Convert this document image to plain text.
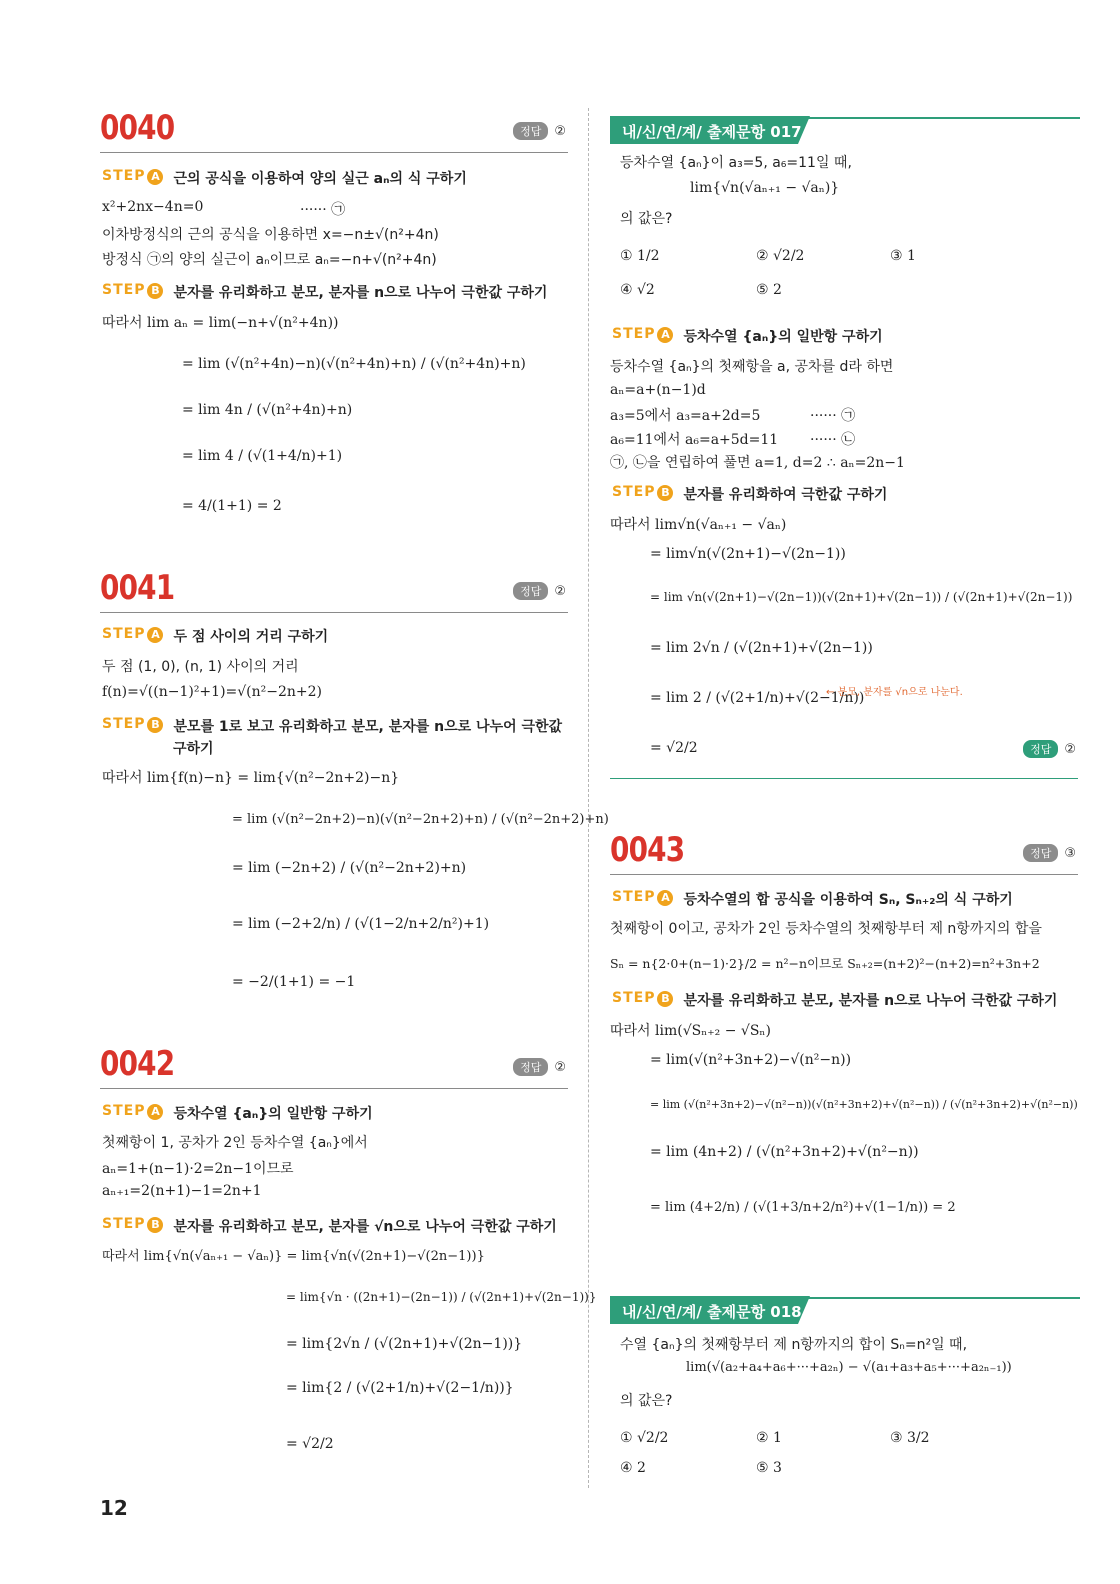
0040	정답	②
STEP A 근의 공식을 이용하여 양의 실근 aₙ의 식 구하기
x²+2nx−4n=0	······ ㉠
이차방정식의 근의 공식을 이용하면 x=−n±√(n²+4n)
방정식 ㉠의 양의 실근이 aₙ이므로 aₙ=−n+√(n²+4n)
STEP B 분자를 유리화하고 분모, 분자를 n으로 나누어 극한값 구하기
따라서 lim aₙ = lim(−n+√(n²+4n))
= lim (√(n²+4n)−n)(√(n²+4n)+n) / (√(n²+4n)+n)
= lim 4n / (√(n²+4n)+n)
= lim 4 / (√(1+4/n)+1)
= 4/(1+1) = 2
0041	정답	②
STEP A 두 점 사이의 거리 구하기
두 점 (1, 0), (n, 1) 사이의 거리
f(n)=√((n−1)²+1)=√(n²−2n+2)
STEP B 분모를 1로 보고 유리화하고 분모, 분자를 n으로 나누어 극한값
구하기
따라서 lim{f(n)−n} = lim{√(n²−2n+2)−n}
= lim (√(n²−2n+2)−n)(√(n²−2n+2)+n) / (√(n²−2n+2)+n)
= lim (−2n+2) / (√(n²−2n+2)+n)
= lim (−2+2/n) / (√(1−2/n+2/n²)+1)
= −2/(1+1) = −1
0042	정답	②
STEP A 등차수열 {aₙ}의 일반항 구하기
첫째항이 1, 공차가 2인 등차수열 {aₙ}에서
aₙ=1+(n−1)·2=2n−1이므로
aₙ₊₁=2(n+1)−1=2n+1
STEP B 분자를 유리화하고 분모, 분자를 √n으로 나누어 극한값 구하기
따라서 lim{√n(√aₙ₊₁ − √aₙ)} = lim{√n(√(2n+1)−√(2n−1))}
= lim{√n · ((2n+1)−(2n−1)) / (√(2n+1)+√(2n−1))}
= lim{2√n / (√(2n+1)+√(2n−1))}
= lim{2 / (√(2+1/n)+√(2−1/n))}
= √2/2
내/신/연/계/ 출제문항 017
등차수열 {aₙ}이 a₃=5, a₆=11일 때,
lim{√n(√aₙ₊₁ − √aₙ)}
의 값은?
① 1/2	② √2/2	③ 1
④ √2	⑤ 2
STEP A 등차수열 {aₙ}의 일반항 구하기
등차수열 {aₙ}의 첫째항을 a, 공차를 d라 하면
aₙ=a+(n−1)d
a₃=5에서 a₃=a+2d=5	······ ㉠
a₆=11에서 a₆=a+5d=11 ······ ㉡
㉠, ㉡을 연립하여 풀면 a=1, d=2 ∴ aₙ=2n−1
STEP B 분자를 유리화하여 극한값 구하기
따라서 lim√n(√aₙ₊₁ − √aₙ)
= lim√n(√(2n+1)−√(2n−1))
= lim √n(√(2n+1)−√(2n−1))(√(2n+1)+√(2n−1)) / (√(2n+1)+√(2n−1))
= lim 2√n / (√(2n+1)+√(2n−1))
= lim 2 / (√(2+1/n)+√(2−1/n))
← 분모, 분자를 √n으로 나눈다.
= √2/2	정답	②
0043	정답	③
STEP A 등차수열의 합 공식을 이용하여 Sₙ, Sₙ₊₂의 식 구하기
첫째항이 0이고, 공차가 2인 등차수열의 첫째항부터 제 n항까지의 합을
Sₙ = n{2·0+(n−1)·2}/2 = n²−n이므로 Sₙ₊₂=(n+2)²−(n+2)=n²+3n+2
STEP B 분자를 유리화하고 분모, 분자를 n으로 나누어 극한값 구하기
따라서 lim(√Sₙ₊₂ − √Sₙ)
= lim(√(n²+3n+2)−√(n²−n))
= lim (√(n²+3n+2)−√(n²−n))(√(n²+3n+2)+√(n²−n)) / (√(n²+3n+2)+√(n²−n))
= lim (4n+2) / (√(n²+3n+2)+√(n²−n))
= lim (4+2/n) / (√(1+3/n+2/n²)+√(1−1/n)) = 2
내/신/연/계/ 출제문항 018
수열 {aₙ}의 첫째항부터 제 n항까지의 합이 Sₙ=n²일 때,
lim(√(a₂+a₄+a₆+···+a₂ₙ) − √(a₁+a₃+a₅+···+a₂ₙ₋₁))
의 값은?
① √2/2	② 1	③ 3/2
④ 2	⑤ 3
12
